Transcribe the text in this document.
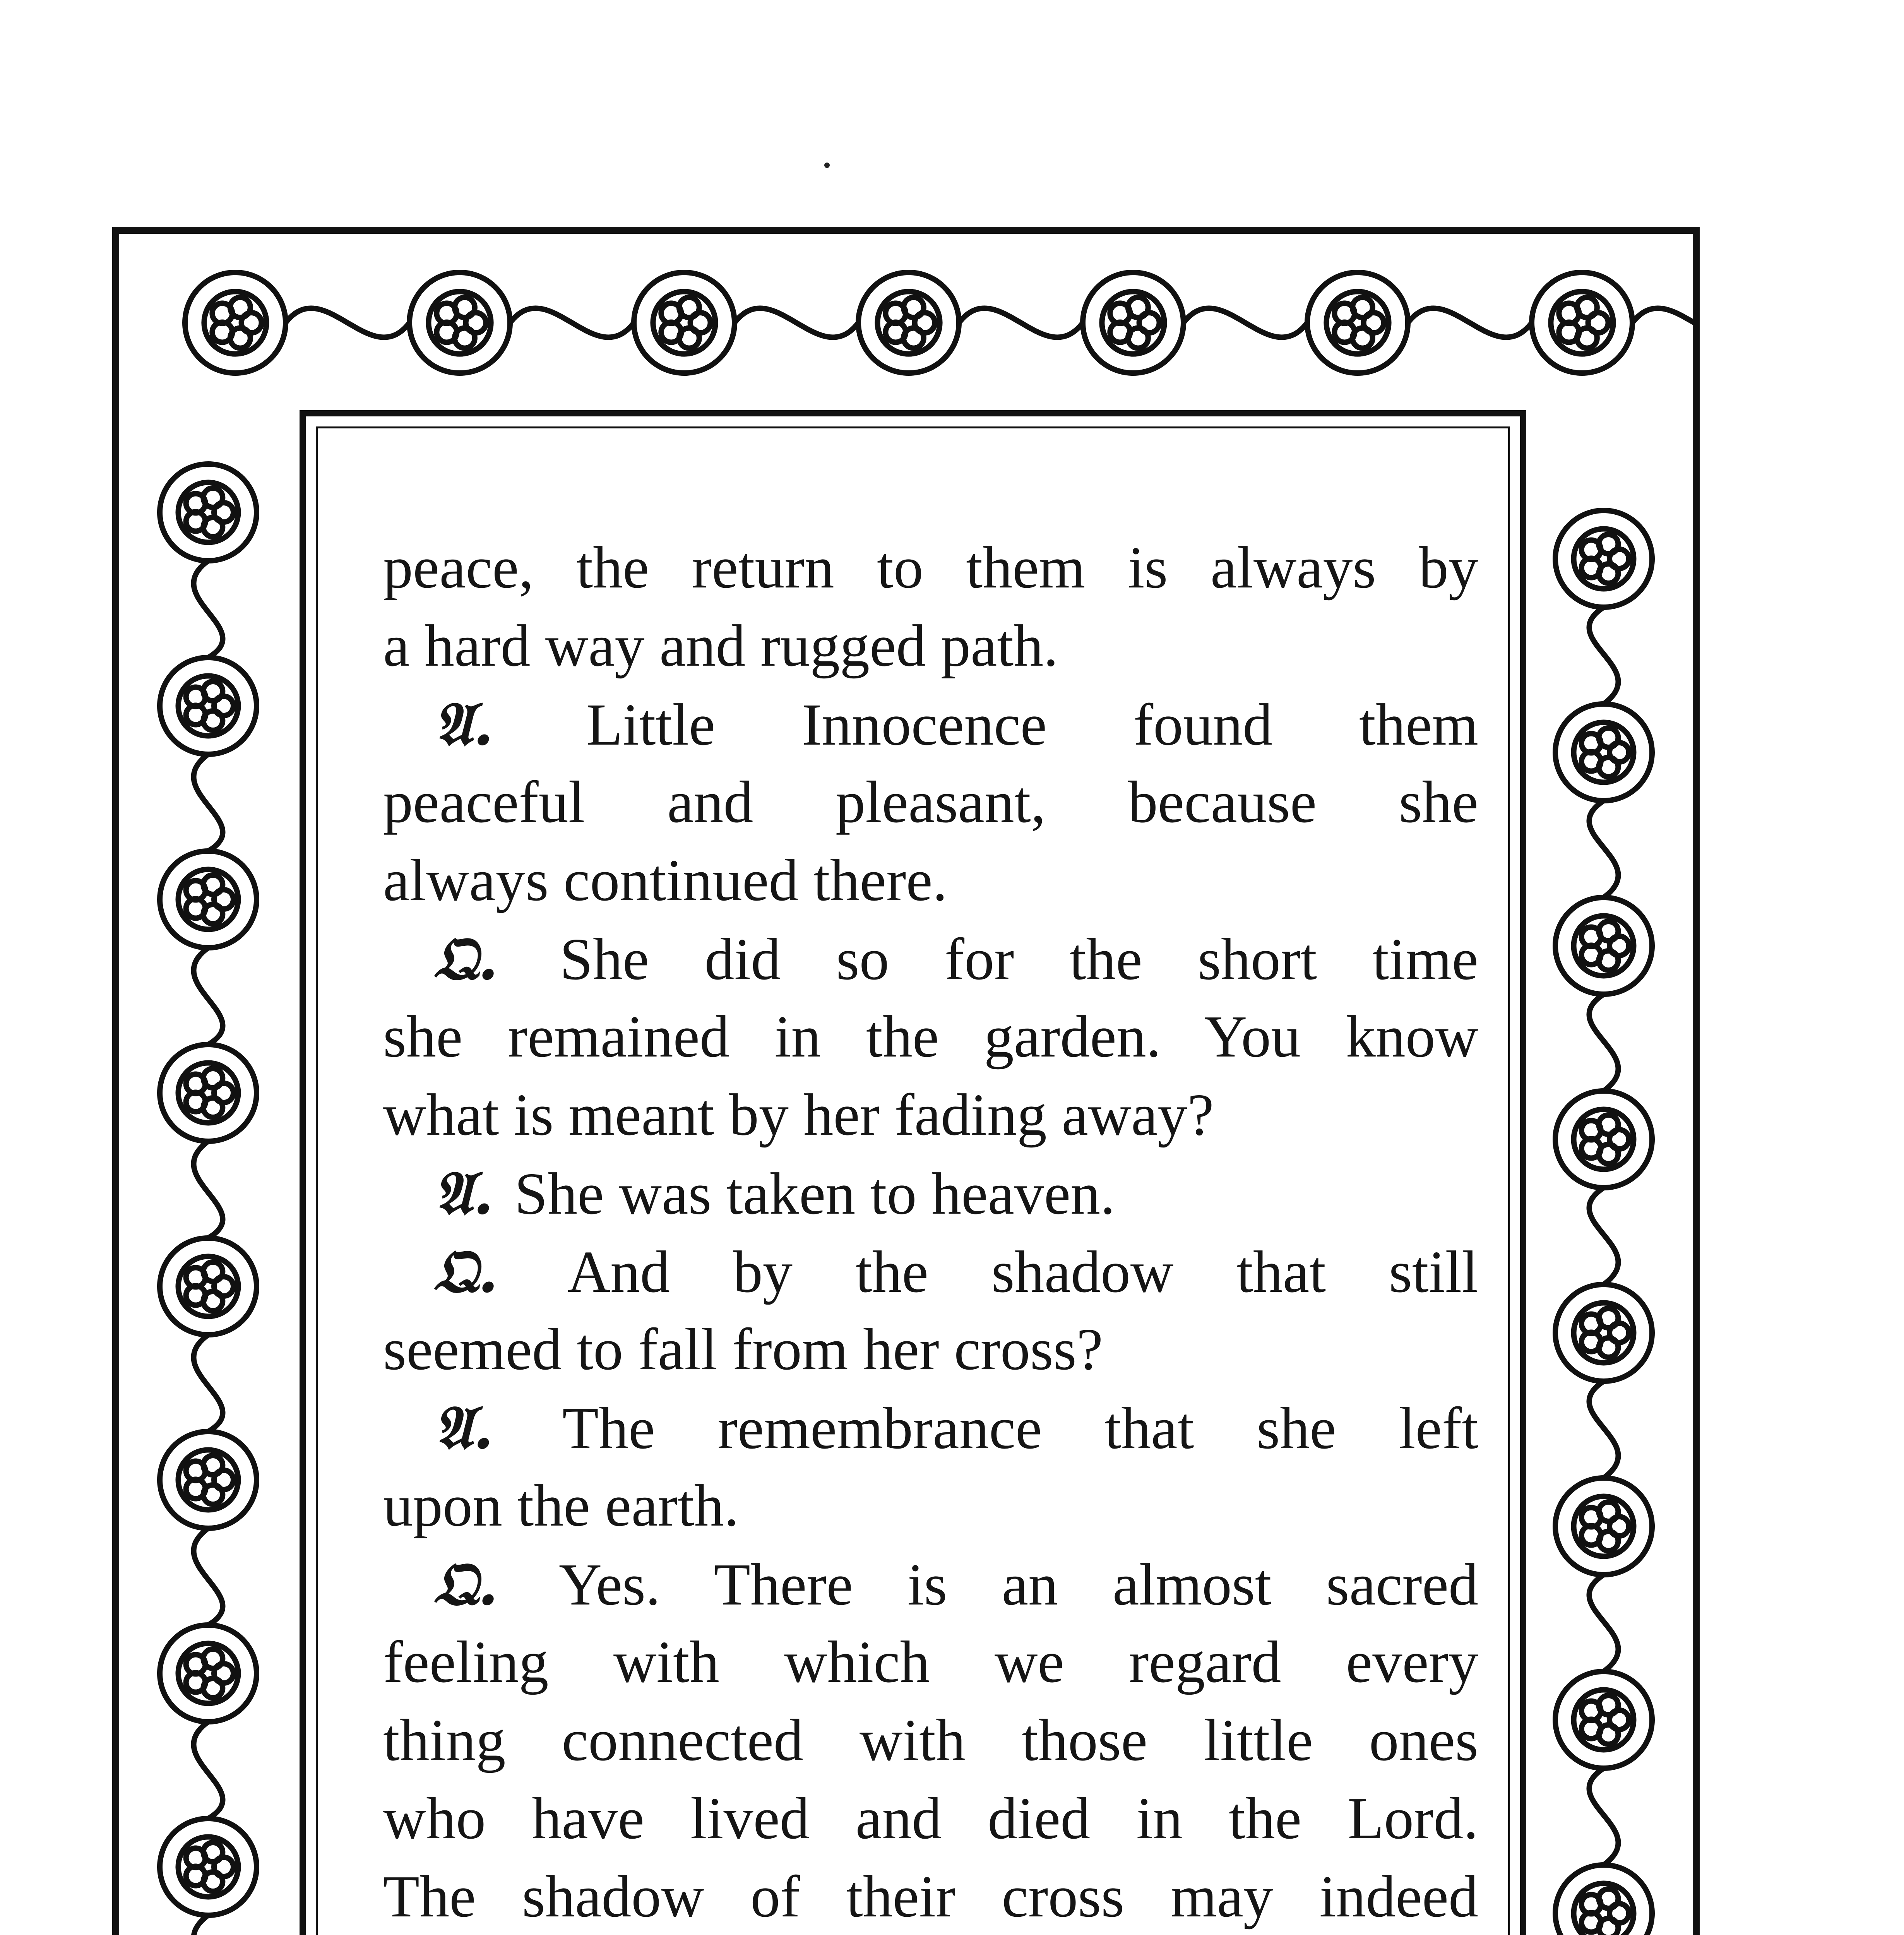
peace, the return to them is always by
a hard way and rugged path.
𝔄. Little Innocence found them
peaceful and pleasant, because she
always continued there.
𝔔. She did so for the short time
she remained in the garden. You know
what is meant by her fading away?
𝔄. She was taken to heaven.
𝔔. And by the shadow that still
seemed to fall from her cross?
𝔄. The remembrance that she left
upon the earth.
𝔔. Yes. There is an almost sacred
feeling with which we regard every
thing connected with those little ones
who have lived and died in the Lord.
The shadow of their cross may indeed
